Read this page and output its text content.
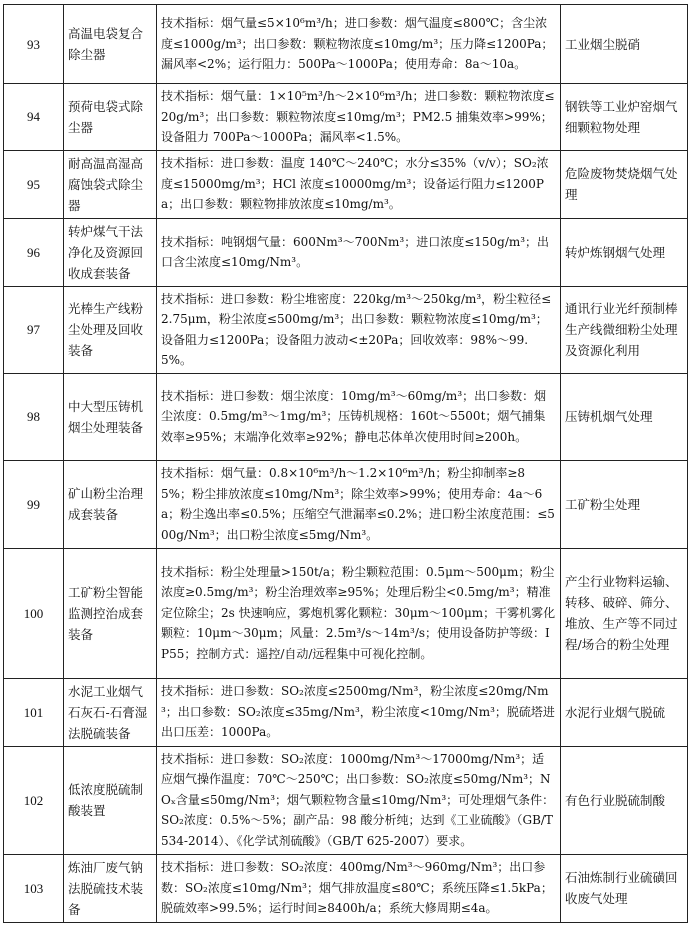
93	高温电袋复合除尘器	技术指标：烟气量≤5×10⁶m³/h；进口参数：烟气温度≤800℃；含尘浓度≤1000g/m³；出口参数：颗粒物浓度≤10mg/m³；压力降≤1200Pa；漏风率<2%；运行阻力：500Pa～1000Pa；使用寿命：8a～10a。	工业烟尘脱硝
94	预荷电袋式除尘器	技术指标：烟气量：1×10⁵m³/h～2×10⁶m³/h；进口参数：颗粒物浓度≤20g/m³；出口参数：颗粒物浓度≤10mg/m³；PM2.5 捕集效率>99%；设备阻力 700Pa～1000Pa；漏风率<1.5%。	钢铁等工业炉窑烟气细颗粒物处理
95	耐高温高湿高腐蚀袋式除尘器	技术指标：进口参数：温度 140℃～240℃；水分≤35%（v/v）；SO₂浓度≤15000mg/m³；HCl 浓度≤10000mg/m³；设备运行阻力≤1200Pa；出口参数：颗粒物排放浓度≤10mg/m³。	危险废物焚烧烟气处理
96	转炉煤气干法净化及资源回收成套装备	技术指标：吨钢烟气量：600Nm³～700Nm³；进口浓度≤150g/m³；出口含尘浓度≤10mg/Nm³。	转炉炼钢烟气处理
97	光棒生产线粉尘处理及回收装备	技术指标：进口参数：粉尘堆密度：220kg/m³～250kg/m³，粉尘粒径≤2.75μm，粉尘浓度≤500mg/m³；出口参数：颗粒物浓度≤10mg/m³；设备阻力≤1200Pa；设备阻力波动<±20Pa；回收效率：98%～99.5%。	通讯行业光纤预制棒生产线微细粉尘处理及资源化利用
98	中大型压铸机烟尘处理装备	技术指标：进口参数：烟尘浓度：10mg/m³～60mg/m³；出口参数：烟尘浓度：0.5mg/m³～1mg/m³；压铸机规格：160t～5500t；烟气捕集效率≥95%；末端净化效率≥92%；静电芯体单次使用时间≥200h。	压铸机烟气处理
99	矿山粉尘治理成套装备	技术指标：烟气量：0.8×10⁶m³/h～1.2×10⁶m³/h；粉尘抑制率≥85%；粉尘排放浓度≤10mg/Nm³；除尘效率>99%；使用寿命：4a～6a；粉尘逸出率≤0.5%；压缩空气泄漏率≤0.2%；进口粉尘浓度范围：≤500g/Nm³；出口粉尘浓度≤5mg/Nm³。	工矿粉尘处理
100	工矿粉尘智能监测控治成套装备	技术指标：粉尘处理量>150t/a；粉尘颗粒范围：0.5μm～500μm；粉尘浓度≥0.5mg/m³；粉尘治理效率≥95%；处理后粉尘<0.5mg/m³；精准定位除尘；2s 快速响应，雾炮机雾化颗粒：30μm～100μm；干雾机雾化颗粒：10μm～30μm；风量：2.5m³/s～14m³/s；使用设备防护等级：IP55；控制方式：遥控/自动/远程集中可视化控制。	产尘行业物料运输、转移、破碎、筛分、堆放、生产等不同过程/场合的粉尘处理
101	水泥工业烟气石灰石-石膏湿法脱硫装备	技术指标：进口参数：SO₂浓度≤2500mg/Nm³，粉尘浓度≤20mg/Nm³；出口参数：SO₂浓度≤35mg/Nm³，粉尘浓度<10mg/Nm³；脱硫塔进出口压差：1000Pa。	水泥行业烟气脱硫
102	低浓度脱硫制酸装置	技术指标：进口参数：SO₂浓度：1000mg/Nm³～17000mg/Nm³；适应烟气操作温度：70℃～250℃；出口参数：SO₂浓度≤50mg/Nm³；NOₓ含量≤50mg/Nm³；烟气颗粒物含量≤10mg/Nm³；可处理烟气条件：SO₂浓度：0.5%～5%；副产品：98 酸分析纯；达到《工业硫酸》（GB/T 534-2014）、《化学试剂硫酸》（GB/T 625-2007）要求。	有色行业脱硫制酸
103	炼油厂废气钠法脱硫技术装备	技术指标：进口参数：SO₂浓度：400mg/Nm³～960mg/Nm³；出口参数：SO₂浓度≤10mg/Nm³；烟气排放温度≤80℃；系统压降≤1.5kPa；脱硫效率>99.5%；运行时间≥8400h/a；系统大修周期≤4a。	石油炼制行业硫磺回收废气处理
